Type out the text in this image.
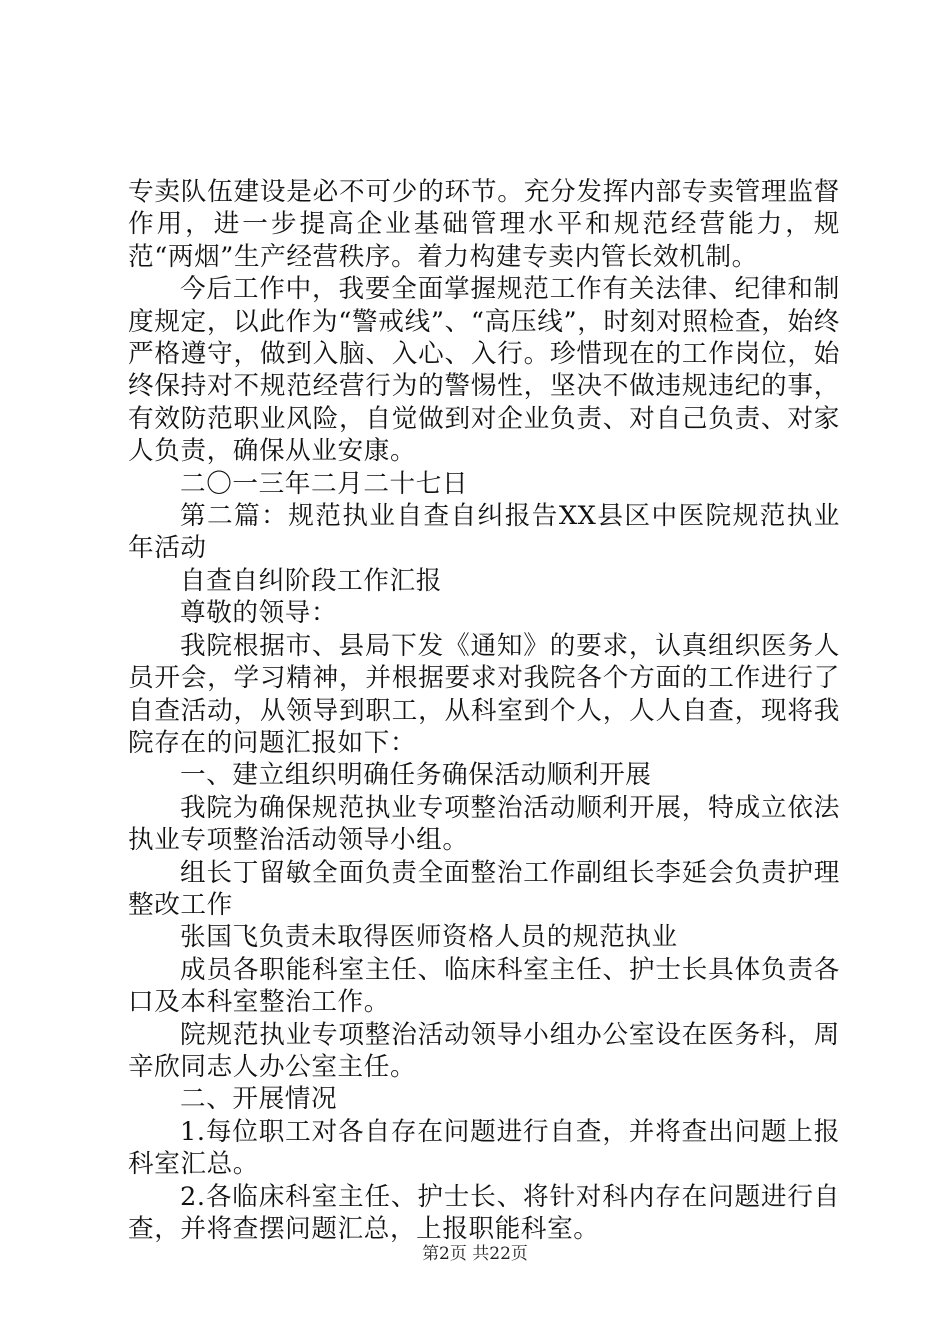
专卖队伍建设是必不可少的环节。充分发挥内部专卖管理监督作用，进一步提高企业基础管理水平和规范经营能力，规范“两烟”生产经营秩序。着力构建专卖内管长效机制。

今后工作中，我要全面掌握规范工作有关法律、纪律和制度规定，以此作为“警戒线”、“高压线”，时刻对照检查，始终严格遵守，做到入脑、入心、入行。珍惜现在的工作岗位，始终保持对不规范经营行为的警惕性，坚决不做违规违纪的事，有效防范职业风险，自觉做到对企业负责、对自己负责、对家人负责，确保从业安康。

二〇一三年二月二十七日

第二篇：规范执业自查自纠报告XX县区中医院规范执业年活动

自查自纠阶段工作汇报

尊敬的领导：

我院根据市、县局下发《通知》的要求，认真组织医务人员开会，学习精神，并根据要求对我院各个方面的工作进行了自查活动，从领导到职工，从科室到个人，人人自查，现将我院存在的问题汇报如下：

一、建立组织明确任务确保活动顺利开展

我院为确保规范执业专项整治活动顺利开展，特成立依法执业专项整治活动领导小组。

组长丁留敏全面负责全面整治工作副组长李延会负责护理整改工作

张国飞负责未取得医师资格人员的规范执业

成员各职能科室主任、临床科室主任、护士长具体负责各口及本科室整治工作。

院规范执业专项整治活动领导小组办公室设在医务科，周辛欣同志人办公室主任。

二、开展情况

1.每位职工对各自存在问题进行自查，并将查出问题上报科室汇总。

2.各临床科室主任、护士长、将针对科内存在问题进行自查，并将查摆问题汇总，上报职能科室。

第2页 共22页
